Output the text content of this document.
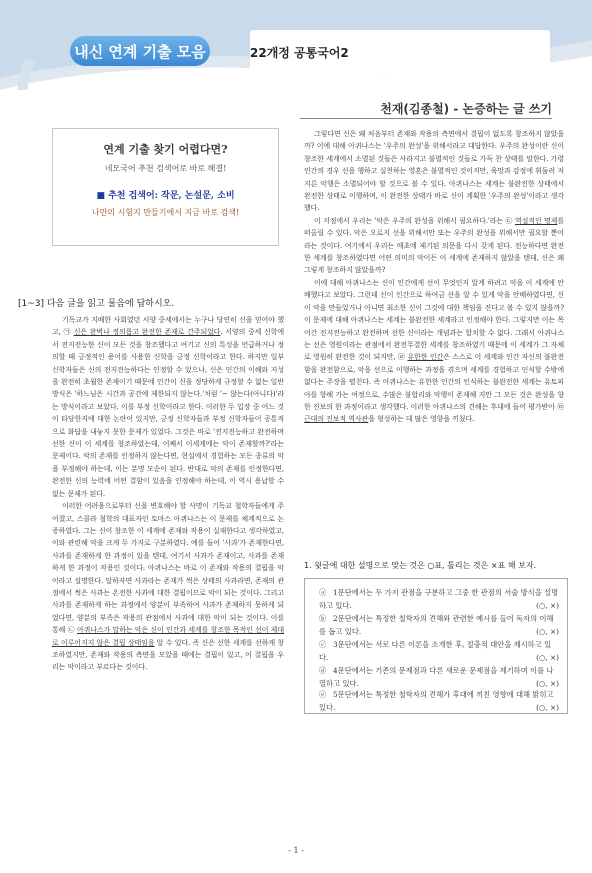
내신 연계 기출 모음	22개정 공통국어2
천재(김종철) - 논증하는 글 쓰기
연계 기출 찾기 어렵다면?
네모국어 추천 검색어로 바로 해결!
■ 추천 검색어: 작문, 논설문, 소비
나만의 시험지 만들기에서 지금 바로 검색!
[1~3] 다음 글을 읽고 물음에 답하시오.

기독교가 지배한 사회였던 서양 중세에서는 누구나 당연히 신을 믿어야 했고, ㉠ 신은 완벽나 정의롭고 완전한 존재로 간주되었다. 서양의 중세 신학에서 전지전능한 신이 모든 것을 창조했다고 여기고 신의 특성을 언급하거나 정의할 때 긍정적인 용어를 사용한 신학을 긍정 신학이라고 한다. 하지만 일부 신학자들은 신의 전지전능하다는 인정할 수 있으나, 신은 인간의 이해와 지성을 완전히 초월한 존재이기 때문에 인간이 신을 정당하게 규정할 수 없는 일반 방식은 '하느님은 시간과 공간에 제한되지 않는다.'처럼 '~ 않는다(아니다)'라는 방식이라고 보았다. 이를 부정 신학이라고 한다. 이러한 두 입장 중 어느 것이 타당한지에 대한 논란이 있지만, 긍정 신학자들과 부정 신학자들이 공통적으로 화답을 내놓지 못한 문제가 있었다. 그것은 바로 '전지전능하고 완전하며 선한 신이 이 세계를 창조하였는데, 어째서 이세계에는 악이 존재할까?'라는 문제이다. 악의 존재를 인정하지 않는다면, 현실에서 경험하는 모든 종류의 악을 부정해야 하는데, 이는 분명 모순이 된다. 반대로 악의 존재를 인정한다면, 완전한 신의 능력에 어떤 결함이 있음을 인정해야 하는데, 이 역시 용납할 수 없는 문제가 된다.

이러한 어려움으로부터 신을 변호해야 할 사명이 기독교 철학자들에게 주어졌고, 스콜라 철학의 대표자인 토마스 아퀴나스는 이 문제를 체계적으로 논증하였다. 그는 신이 창조한 이 세계에 존재와 작용이 실재한다고 생각하였고, 이와 관련해 악을 크게 두 가지로 구분하였다. 예를 들어 '사과'가 존재한다면, 사과를 존재하게 한 과정이 있을 텐데, 여기서 사과가 존재이고, 사과를 존재하게 한 과정이 작용인 것이다. 아퀴나스는 바로 이 존재와 작용의 결핍을 악이라고 설명한다. 말하자면 사과라는 존재가 썩은 상태의 사과라면, 존재의 관점에서 썩은 사과는 온전한 사과에 대한 결핍이므로 악이 되는 것이다. 그리고 사과를 존재하게 하는 과정에서 양분이 부족하여 사과가 존재하지 못하게 되었다면, 양분의 부족은 작용의 관점에서 사과에 대한 악이 되는 것이다. 이를 통해 ㉡ 아퀴나스가 말하는 악은 신이 인간과 세계를 창조한 목적인 선이 제대로 이루어지지 않은 결핍 상태임을 알 수 있다. 즉 신은 선한 세계를 선하게 창조하였지만, 존재와 작용의 측면을 모았을 때에는 결핍이 있고, 이 결핍을 우리는 악이라고 부르다는 것이다.

그렇다면 신은 왜 처음부터 존재와 작용의 측면에서 결핍이 없도록 창조하지 않았을까? 이에 대해 아퀴나스는 '우주의 완성'을 위해서라고 대답한다. 우주의 완성이란 신이 창조한 세계에서 소멸된 것들은 사라지고 불멸적인 것들로 가득 찬 상태를 말한다. 가령 인간의 경우 선을 행하고 실천하는 영혼은 불멸적인 것이지만, 육망과 감정에 휘둘려 저지른 악행은 소멸되어야 할 것으로 볼 수 있다. 아퀴나스는 세계는 불완전한 상태에서 완전한 상태로 이행하며, 이 완전한 상태가 바로 신이 계획한 '우주의 완성'이라고 생각했다.

이 지점에서 우리는 '악은 우주의 완성을 위해서 필요하다.'라는 ㉢ 역설적인 명제를 떠올릴 수 있다. 악은 오로지 선을 위해서만 또는 우주의 완성을 위해서만 필요할 뿐이라는 것이다. 여기에서 우리는 애초에 제기된 의문을 다시 갖게 된다. 전능하다면 완전한 세계를 창조하였다면 어떤 의미의 악이든 이 세계에 존재하지 않았을 텐데, 신은 왜 그렇게 창조하지 않았을까?

이에 대해 아퀴나스는 신이 인간에게 선이 무엇인지 알게 하려고 악을 이 세계에 안배했다고 보았다. 그런데 신이 인간으로 하여금 선을 알 수 있게 악을 안배하였다면, 신이 악을 만들었거나 아니면 최소한 신이 그것에 대한 책임을 진다고 볼 수 있지 않을까? 이 문제에 대해 아퀴나스는 세계는 불완전한 세계라고 인정해야 한다. 그렇지만 이는 목어간 전지전능하고 완전하며 선한 신이라는 개념과는 합치할 수 없다. 그래서 아퀴나스는 선은 영원이라는 관점에서 완전무결한 세계를 창조하였기 때문에 이 세계가 그 자체로 영원히 완전한 것이 되지만, ㉣ 유한한 인간은 스스로 이 세계와 인간 자신의 불완전함을 완전함으로, 악을 선으로 이행하는 과정을 겪으며 세계를 경험하고 인식할 수밖에 없다는 주장을 펼친다. 즉 아퀴나스는 유한한 인간의 인식하는 불완전한 세계는 유토피아를 향해 가는 여정으로, 수많은 불합리와 악행이 존재해 지만 그 모든 것은 완성을 향한 진보의 한 과정이라고 생각했다. 이러한 아퀴나스의 견해는 후대에 들어 평가받아 ㉤ 근대의 진보적 역사관을 형성하는 데 많은 영향을 끼쳤다.

1. 윗글에 대한 설명으로 맞는 것은 ○표, 틀리는 것은 ×표 해 보자.
ⓐ 1문단에서는 두 가지 관점을 구분하고 그중 한 관점의 서술 방식을 설명하고 있다.	(○, ×)
ⓑ 2문단에서는 특정한 철학자의 견해와 관련한 예시를 들어 독자의 이해를 돕고 있다.	(○, ×)
ⓒ 3문단에서는 서로 다른 이론을 소개한 후, 절충적 대안을 제시하고 있다.	(○, ×)
ⓓ 4문단에서는 기존의 문제점과 다른 새로운 문제점을 제기하며 이를 나열하고 있다.	(○, ×)
ⓔ 5문단에서는 특정한 철학자의 견해가 후대에 끼친 영향에 대해 밝히고 있다.	(○, ×)
- 1 -
